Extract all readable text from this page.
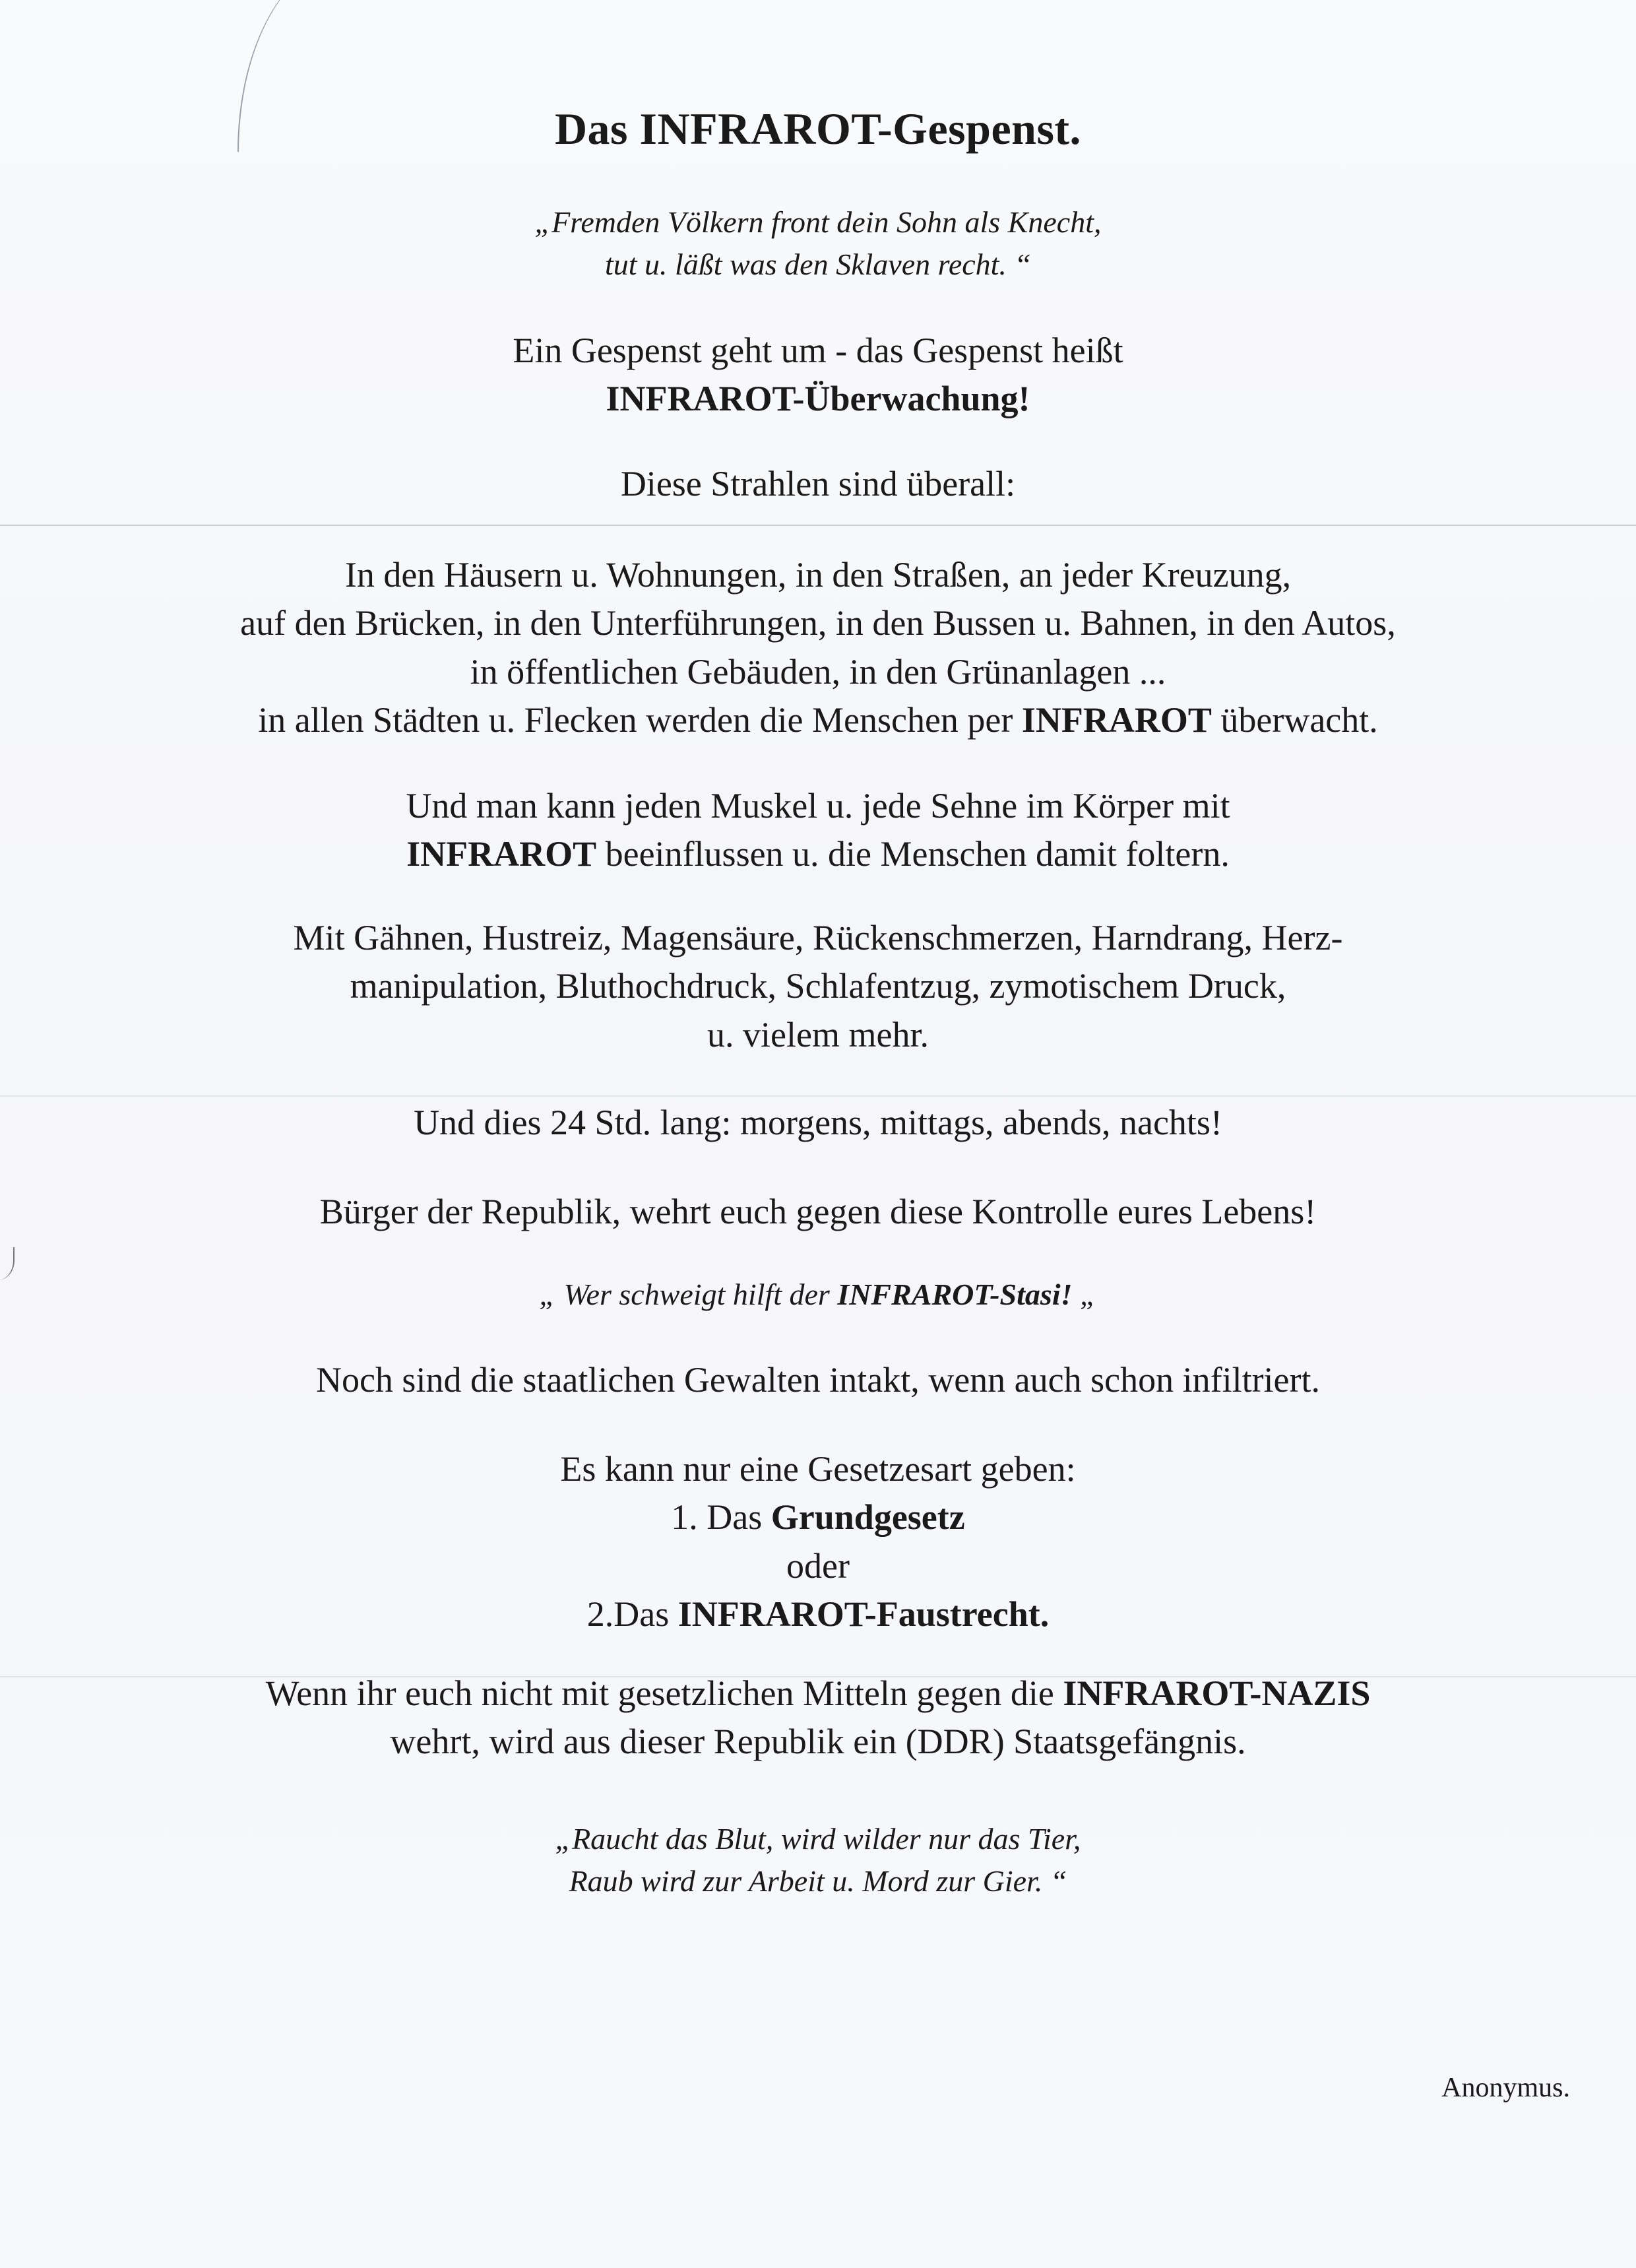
Das INFRAROT-Gespenst.
„Fremden Völkern front dein Sohn als Knecht,
tut u. läßt was den Sklaven recht. “
Ein Gespenst geht um - das Gespenst heißt
INFRAROT-Überwachung!
Diese Strahlen sind überall:
In den Häusern u. Wohnungen, in den Straßen, an jeder Kreuzung,
auf den Brücken, in den Unterführungen, in den Bussen u. Bahnen, in den Autos,
in öffentlichen Gebäuden, in den Grünanlagen ...
in allen Städten u. Flecken werden die Menschen per INFRAROT überwacht.
Und man kann jeden Muskel u. jede Sehne im Körper mit
INFRAROT beeinflussen u. die Menschen damit foltern.
Mit Gähnen, Hustreiz, Magensäure, Rückenschmerzen, Harndrang, Herz-
manipulation, Bluthochdruck, Schlafentzug, zymotischem Druck,
u. vielem mehr.
Und dies 24 Std. lang: morgens, mittags, abends, nachts!
Bürger der Republik, wehrt euch gegen diese Kontrolle eures Lebens!
„ Wer schweigt hilft der INFRAROT-Stasi! „
Noch sind die staatlichen Gewalten intakt, wenn auch schon infiltriert.
Es kann nur eine Gesetzesart geben:
1. Das Grundgesetz
oder
2.Das INFRAROT-Faustrecht.
Wenn ihr euch nicht mit gesetzlichen Mitteln gegen die INFRAROT-NAZIS
wehrt, wird aus dieser Republik ein (DDR) Staatsgefängnis.
„Raucht das Blut, wird wilder nur das Tier,
Raub wird zur Arbeit u. Mord zur Gier. “
Anonymus.
